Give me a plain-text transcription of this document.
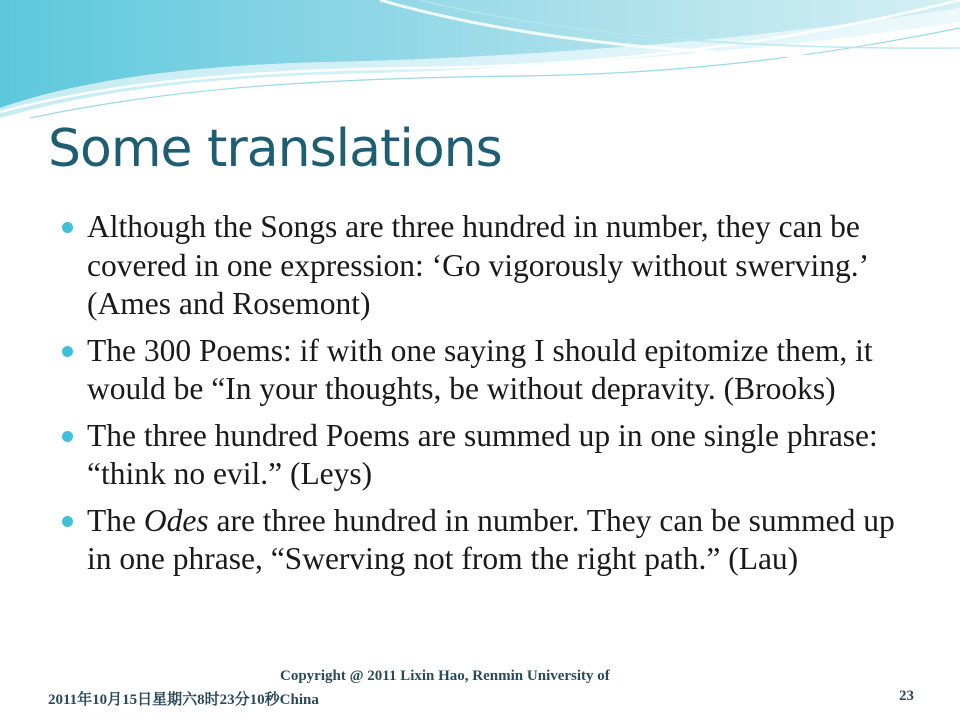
Some translations
Although the Songs are three hundred in number, they can be covered in one expression: ‘Go vigorously without swerving.’ (Ames and Rosemont)
The 300 Poems: if with one saying I should epitomize them, it would be “In your thoughts, be without depravity. (Brooks)
The three hundred Poems are summed up in one single phrase: “think no evil.” (Leys)
The Odes are three hundred in number. They can be summed up in one phrase, “Swerving not from the right path.” (Lau)
Copyright @ 2011 Lixin Hao, Renmin University of
2011年10月15日星期六8时23分10秒China	23
